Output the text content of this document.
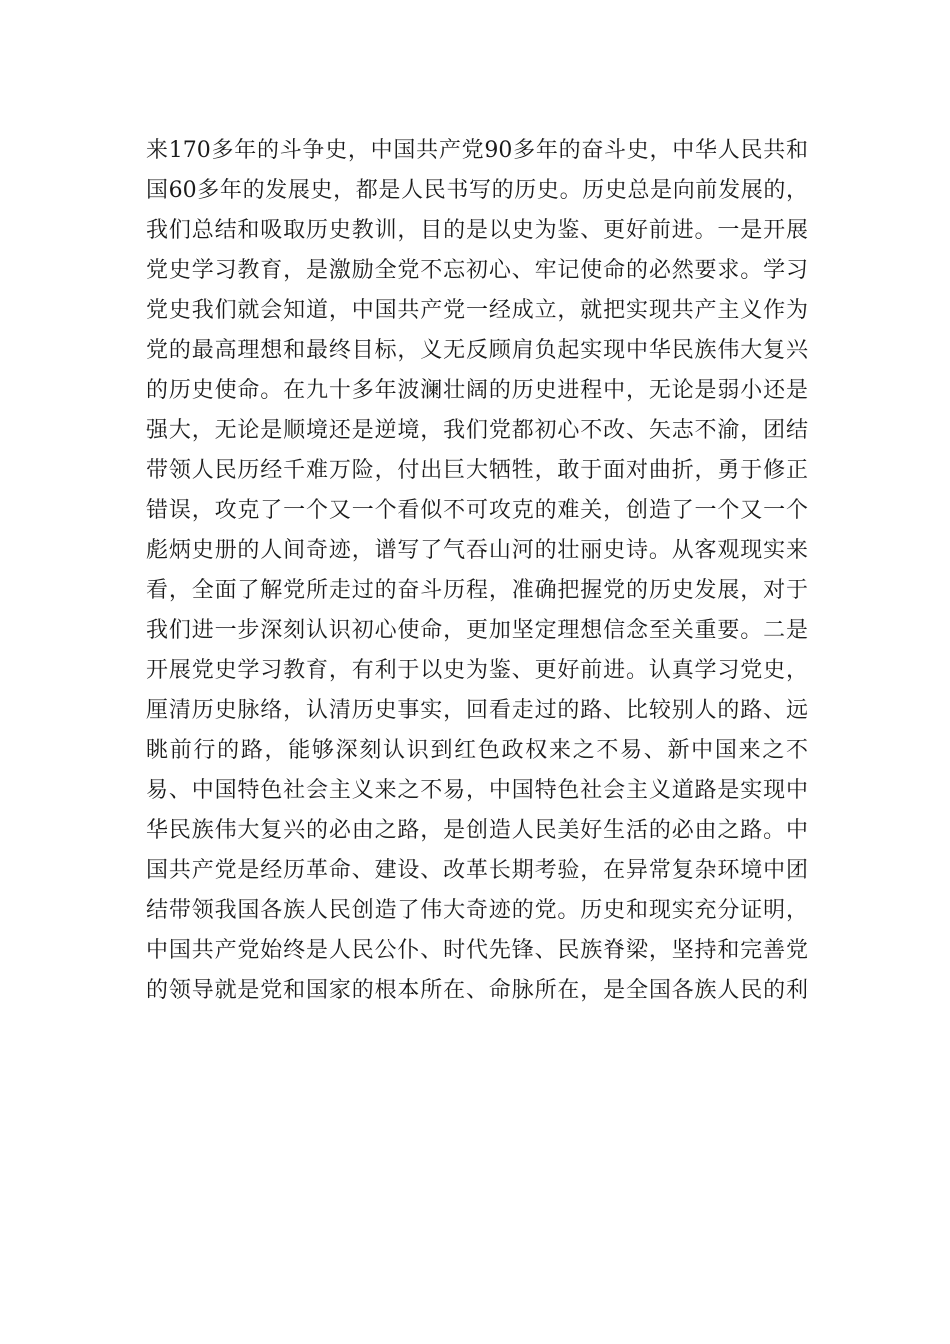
来170多年的斗争史，中国共产党90多年的奋斗史，中华人民共和
国60多年的发展史，都是人民书写的历史。历史总是向前发展的，
我们总结和吸取历史教训，目的是以史为鉴、更好前进。一是开展
党史学习教育，是激励全党不忘初心、牢记使命的必然要求。学习
党史我们就会知道，中国共产党一经成立，就把实现共产主义作为
党的最高理想和最终目标，义无反顾肩负起实现中华民族伟大复兴
的历史使命。在九十多年波澜壮阔的历史进程中，无论是弱小还是
强大，无论是顺境还是逆境，我们党都初心不改、矢志不渝，团结
带领人民历经千难万险，付出巨大牺牲，敢于面对曲折，勇于修正
错误，攻克了一个又一个看似不可攻克的难关，创造了一个又一个
彪炳史册的人间奇迹，谱写了气吞山河的壮丽史诗。从客观现实来
看，全面了解党所走过的奋斗历程，准确把握党的历史发展，对于
我们进一步深刻认识初心使命，更加坚定理想信念至关重要。二是
开展党史学习教育，有利于以史为鉴、更好前进。认真学习党史，
厘清历史脉络，认清历史事实，回看走过的路、比较别人的路、远
眺前行的路，能够深刻认识到红色政权来之不易、新中国来之不
易、中国特色社会主义来之不易，中国特色社会主义道路是实现中
华民族伟大复兴的必由之路，是创造人民美好生活的必由之路。中
国共产党是经历革命、建设、改革长期考验，在异常复杂环境中团
结带领我国各族人民创造了伟大奇迹的党。历史和现实充分证明，
中国共产党始终是人民公仆、时代先锋、民族脊梁，坚持和完善党
的领导就是党和国家的根本所在、命脉所在，是全国各族人民的利
